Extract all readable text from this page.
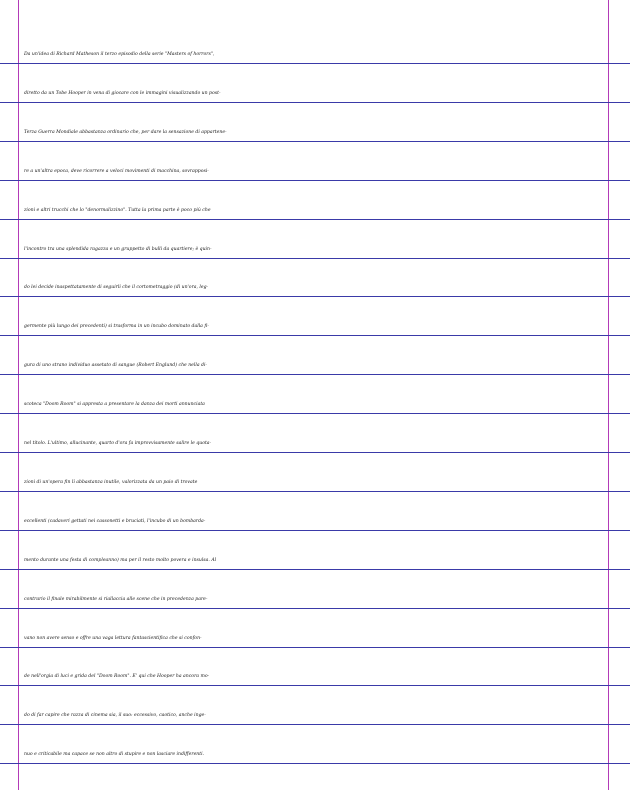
Da un'idea di Richard Matheson il terzo episodio della serie "Masters of horrors",
diretto da un Tobe Hooper in vena di giocare con le immagini visualizzando un post-
Terza Guerra Mondiale abbastanza ordinario che, per dare la sensazione di appartene-
re a un'altra epoca, deve ricorrere a veloci movimenti di macchina, sovrapposi-
zioni e altri trucchi che lo "denormalizzino". Tutta la prima parte è poco più che
l'incontro tra una splendida ragazza e un gruppetto di bulli da quartiere; è quin-
do lei decide inaspettatamente di seguirli che il cortometraggio (di un'ora, leg-
germente più lungo dei precedenti) si trasforma in un incubo dominato dalla fi-
gura di uno strano individuo assetato di sangue (Robert Englund) che nella di-
scoteca "Doom Room" si appresta a presentare la danza dei morti annunciata
nel titolo. L'ultimo, allucinante, quarto d'ora fa improvvisamente salire le quota-
zioni di un'opera fin lì abbastanza inutile, valorizzata da un paio di trovate
eccellenti (cadaveri gettati nei cassonetti e bruciati, l'incubo di un bombarda-
mento durante una festa di compleanno) ma per il resto molto povera e insulsa. Al
contrario il finale mirabilmente si riallaccia alle scene che in precedenza pare-
vano non avere senso e offre una vaga lettura fantascientifica che si confon-
de nell'orgia di luci e grida del "Doom Room". E' qui che Hooper ha ancora mo-
do di far capire che razza di cinema sia, il suo: eccessivo, caotico, anche inge-
nuo e criticabile ma capace se non altro di stupire e non lasciare indifferenti.
